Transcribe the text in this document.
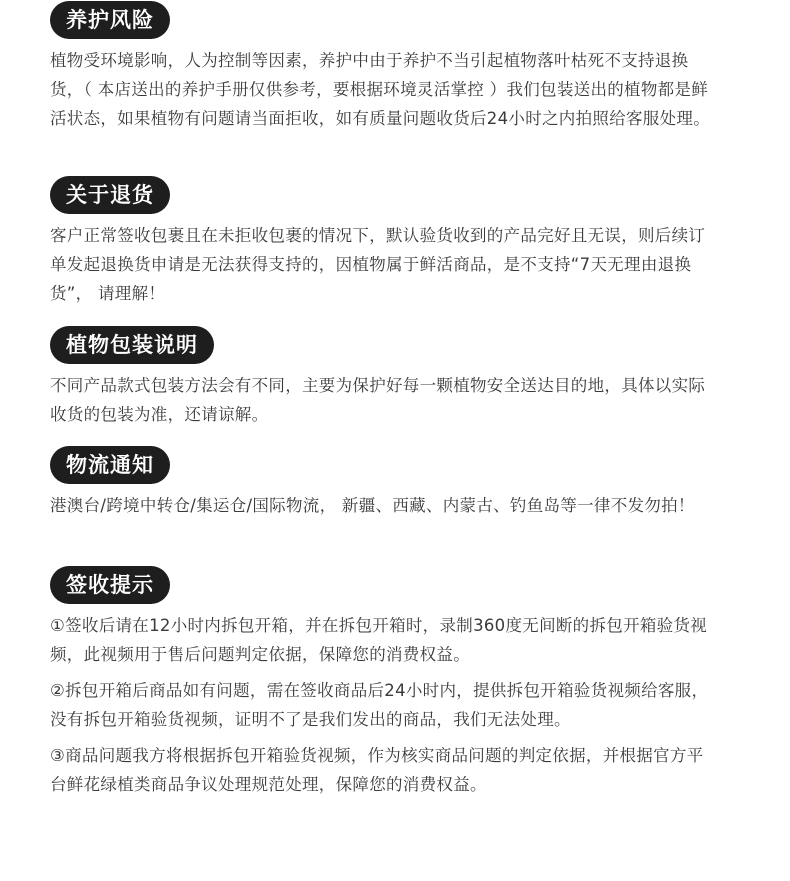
养护风险
植物受环境影响，人为控制等因素，养护中由于养护不当引起植物落叶枯死不支持退换货，（ 本店送出的养护手册仅供参考，要根据环境灵活掌控 ）我们包装送出的植物都是鲜活状态，如果植物有问题请当面拒收，如有质量问题收货后24小时之内拍照给客服处理。
关于退货
客户正常签收包裹且在未拒收包裹的情况下，默认验货收到的产品完好且无误，则后续订单发起退换货申请是无法获得支持的，因植物属于鲜活商品，是不支持“7天无理由退换货”， 请理解！
植物包装说明
不同产品款式包装方法会有不同，主要为保护好每一颗植物安全送达目的地，具体以实际收货的包装为准，还请谅解。
物流通知
港澳台/跨境中转仓/集运仓/国际物流， 新疆、西藏、内蒙古、钓鱼岛等一律不发勿拍！
签收提示
①签收后请在12小时内拆包开箱，并在拆包开箱时，录制360度无间断的拆包开箱验货视频，此视频用于售后问题判定依据，保障您的消费权益。
②拆包开箱后商品如有问题，需在签收商品后24小时内，提供拆包开箱验货视频给客服，没有拆包开箱验货视频，证明不了是我们发出的商品，我们无法处理。
③商品问题我方将根据拆包开箱验货视频，作为核实商品问题的判定依据，并根据官方平台鲜花绿植类商品争议处理规范处理，保障您的消费权益。
